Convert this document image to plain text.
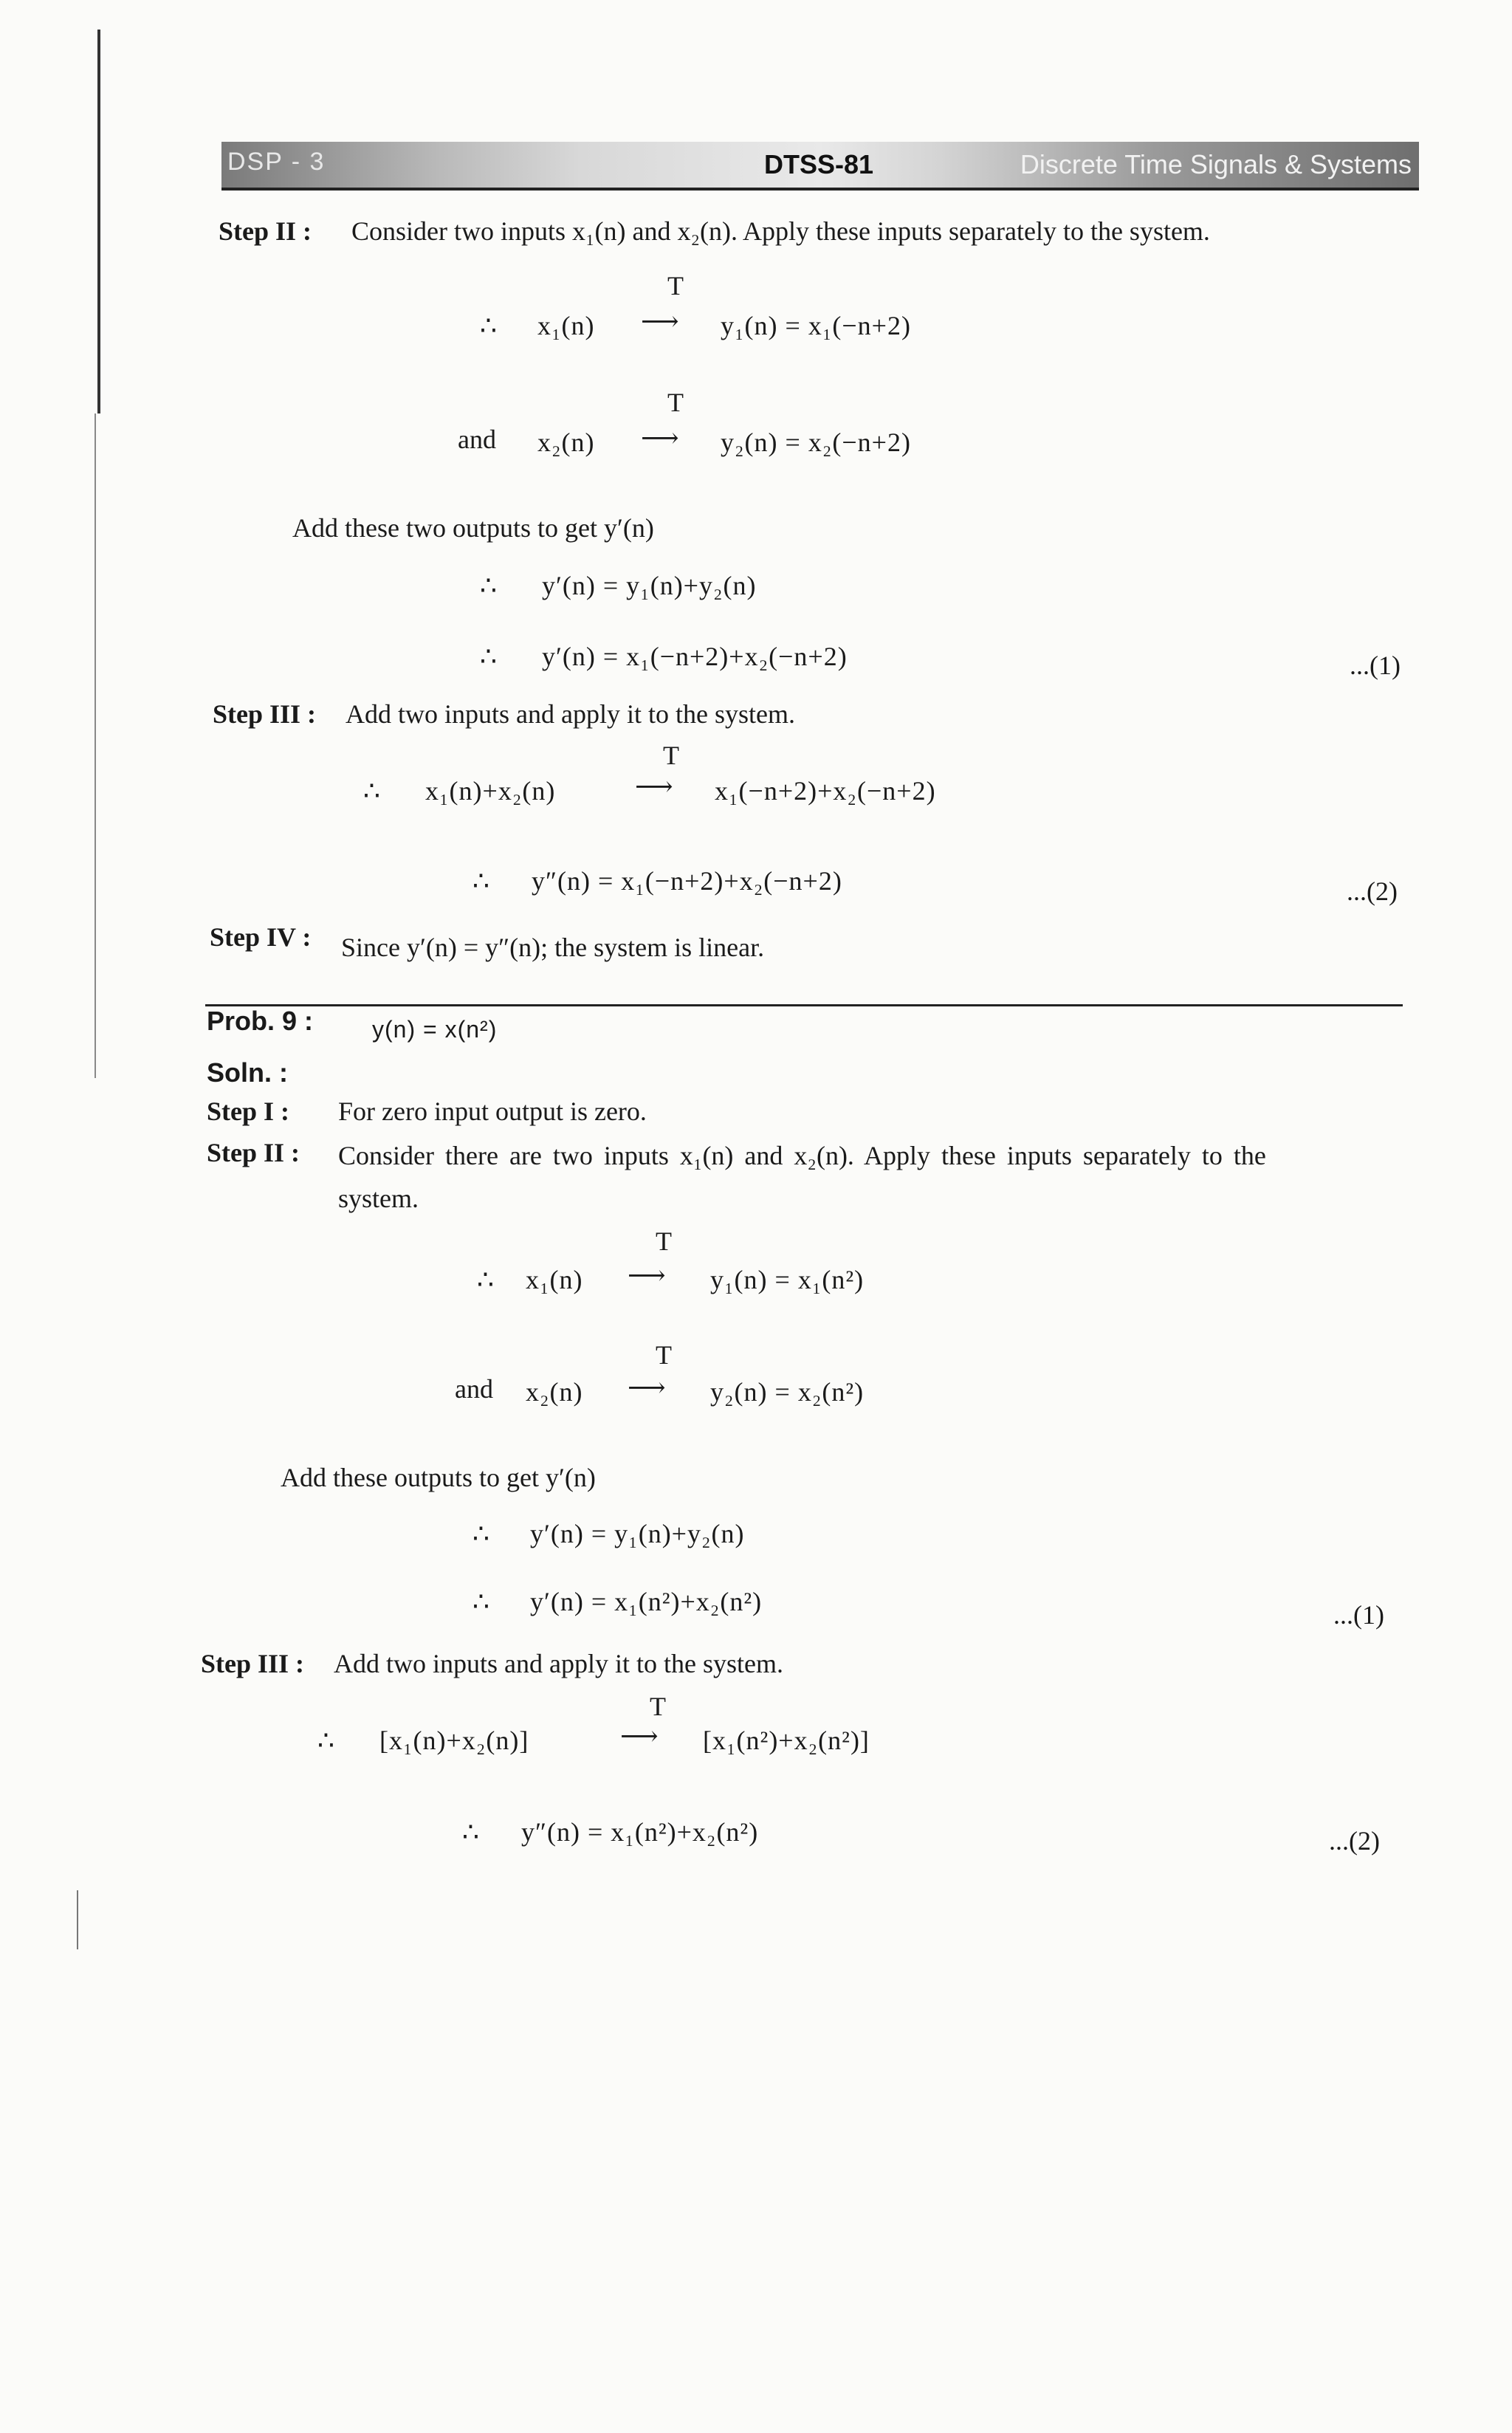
DSP - 3	DTSS-81	Discrete Time Signals & Systems
Step II : Consider two inputs x₁(n) and x₂(n). Apply these inputs separately to the system.
T
∴ x₁(n) ⟶ y₁(n) = x₁(−n+2)
T
and x₂(n) ⟶ y₂(n) = x₂(−n+2)
Add these two outputs to get y′(n)
∴ y′(n) = y₁(n)+y₂(n)
∴ y′(n) = x₁(−n+2)+x₂(−n+2)	...(1)
Step III : Add two inputs and apply it to the system.
T
∴ x₁(n)+x₂(n)	⟶ x₁(−n+2)+x₂(−n+2)
∴ y″(n) = x₁(−n+2)+x₂(−n+2)	...(2)
Step IV : Since y′(n) = y″(n); the system is linear.
Prob. 9 : y(n) = x(n²)
Soln. :
Step I : For zero input output is zero.
Step II : Consider there are two inputs x₁(n) and x₂(n). Apply these inputs separately to the
system.
T
∴ x₁(n) ⟶ y₁(n) = x₁(n²)
T
and x₂(n) ⟶ y₂(n) = x₂(n²)
Add these outputs to get y′(n)
∴ y′(n) = y₁(n)+y₂(n)
∴ y′(n) = x₁(n²)+x₂(n²)	...(1)
Step III : Add two inputs and apply it to the system.
T
∴ [x₁(n)+x₂(n)]	⟶ [x₁(n²)+x₂(n²)]
∴ y″(n) = x₁(n²)+x₂(n²)	...(2)
